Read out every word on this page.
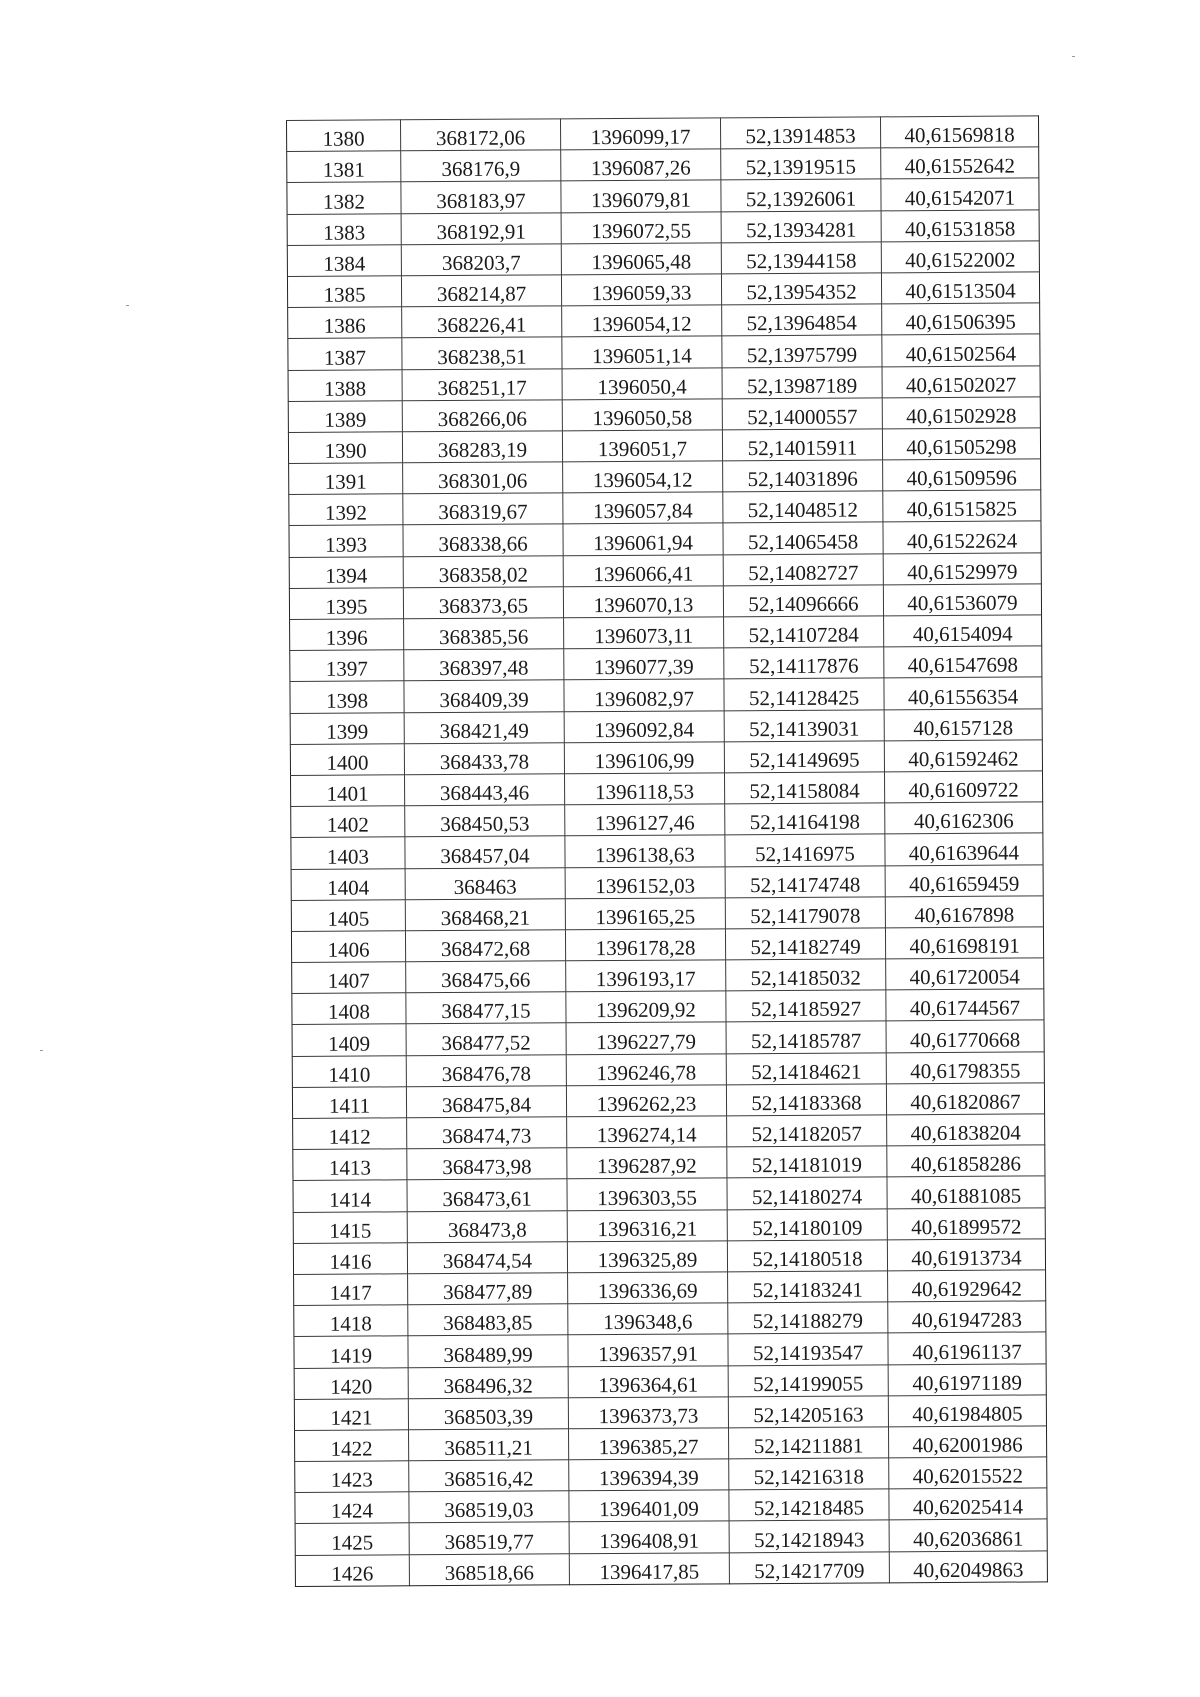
1380	368172,06	1396099,17	52,13914853	40,61569818
1381	368176,9	1396087,26	52,13919515	40,61552642
1382	368183,97	1396079,81	52,13926061	40,61542071
1383	368192,91	1396072,55	52,13934281	40,61531858
1384	368203,7	1396065,48	52,13944158	40,61522002
1385	368214,87	1396059,33	52,13954352	40,61513504
1386	368226,41	1396054,12	52,13964854	40,61506395
1387	368238,51	1396051,14	52,13975799	40,61502564
1388	368251,17	1396050,4	52,13987189	40,61502027
1389	368266,06	1396050,58	52,14000557	40,61502928
1390	368283,19	1396051,7	52,14015911	40,61505298
1391	368301,06	1396054,12	52,14031896	40,61509596
1392	368319,67	1396057,84	52,14048512	40,61515825
1393	368338,66	1396061,94	52,14065458	40,61522624
1394	368358,02	1396066,41	52,14082727	40,61529979
1395	368373,65	1396070,13	52,14096666	40,61536079
1396	368385,56	1396073,11	52,14107284	40,6154094
1397	368397,48	1396077,39	52,14117876	40,61547698
1398	368409,39	1396082,97	52,14128425	40,61556354
1399	368421,49	1396092,84	52,14139031	40,6157128
1400	368433,78	1396106,99	52,14149695	40,61592462
1401	368443,46	1396118,53	52,14158084	40,61609722
1402	368450,53	1396127,46	52,14164198	40,6162306
1403	368457,04	1396138,63	52,1416975	40,61639644
1404	368463	1396152,03	52,14174748	40,61659459
1405	368468,21	1396165,25	52,14179078	40,6167898
1406	368472,68	1396178,28	52,14182749	40,61698191
1407	368475,66	1396193,17	52,14185032	40,61720054
1408	368477,15	1396209,92	52,14185927	40,61744567
1409	368477,52	1396227,79	52,14185787	40,61770668
1410	368476,78	1396246,78	52,14184621	40,61798355
1411	368475,84	1396262,23	52,14183368	40,61820867
1412	368474,73	1396274,14	52,14182057	40,61838204
1413	368473,98	1396287,92	52,14181019	40,61858286
1414	368473,61	1396303,55	52,14180274	40,61881085
1415	368473,8	1396316,21	52,14180109	40,61899572
1416	368474,54	1396325,89	52,14180518	40,61913734
1417	368477,89	1396336,69	52,14183241	40,61929642
1418	368483,85	1396348,6	52,14188279	40,61947283
1419	368489,99	1396357,91	52,14193547	40,61961137
1420	368496,32	1396364,61	52,14199055	40,61971189
1421	368503,39	1396373,73	52,14205163	40,61984805
1422	368511,21	1396385,27	52,14211881	40,62001986
1423	368516,42	1396394,39	52,14216318	40,62015522
1424	368519,03	1396401,09	52,14218485	40,62025414
1425	368519,77	1396408,91	52,14218943	40,62036861
1426	368518,66	1396417,85	52,14217709	40,62049863
